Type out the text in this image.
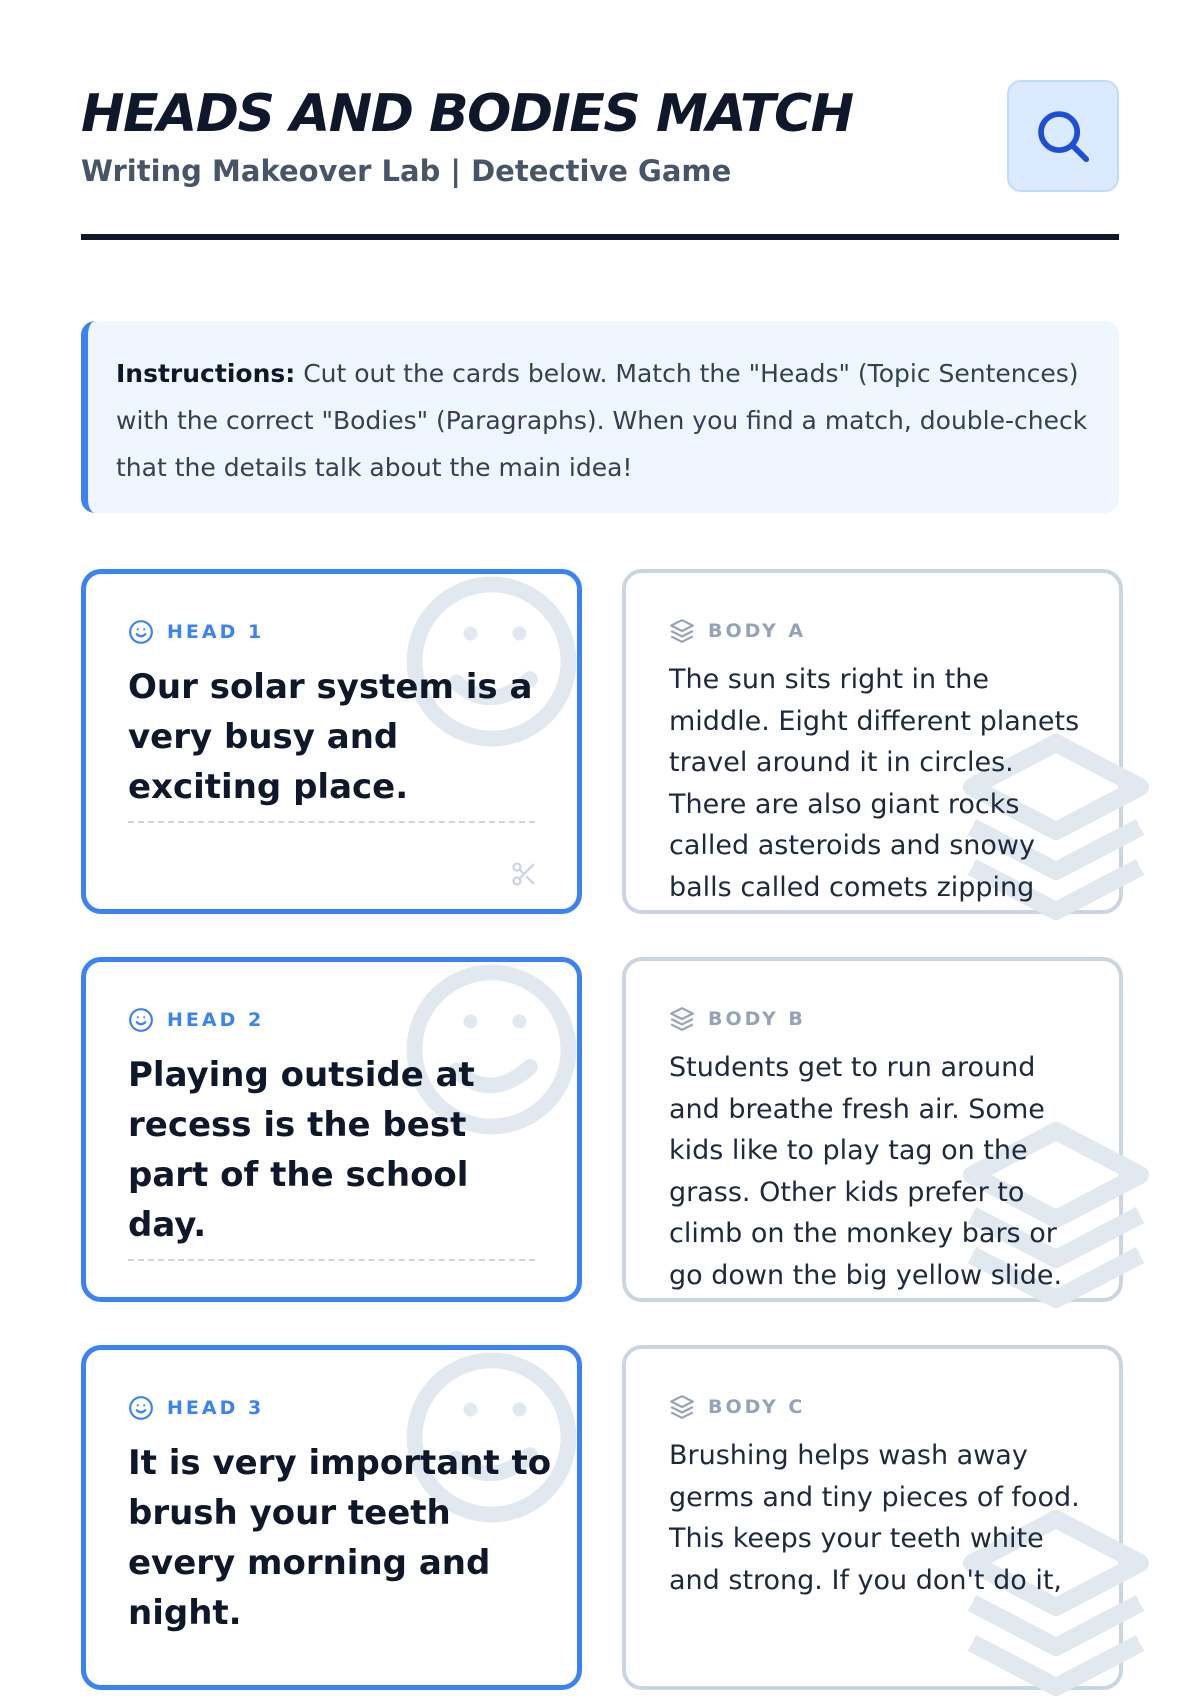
HEADS AND BODIES MATCH
Writing Makeover Lab | Detective Game
Instructions: Cut out the cards below. Match the "Heads" (Topic Sentences) with the correct "Bodies" (Paragraphs). When you find a match, double-check that the details talk about the main idea!
HEAD 1
Our solar system is a very busy and exciting place.
BODY A
The sun sits right in the middle. Eight different planets travel around it in circles. There are also giant rocks called asteroids and snowy balls called comets zipping
HEAD 2
Playing outside at recess is the best part of the school day.
BODY B
Students get to run around and breathe fresh air. Some kids like to play tag on the grass. Other kids prefer to climb on the monkey bars or go down the big yellow slide.
HEAD 3
It is very important to brush your teeth every morning and night.
BODY C
Brushing helps wash away germs and tiny pieces of food. This keeps your teeth white and strong. If you don't do it,
